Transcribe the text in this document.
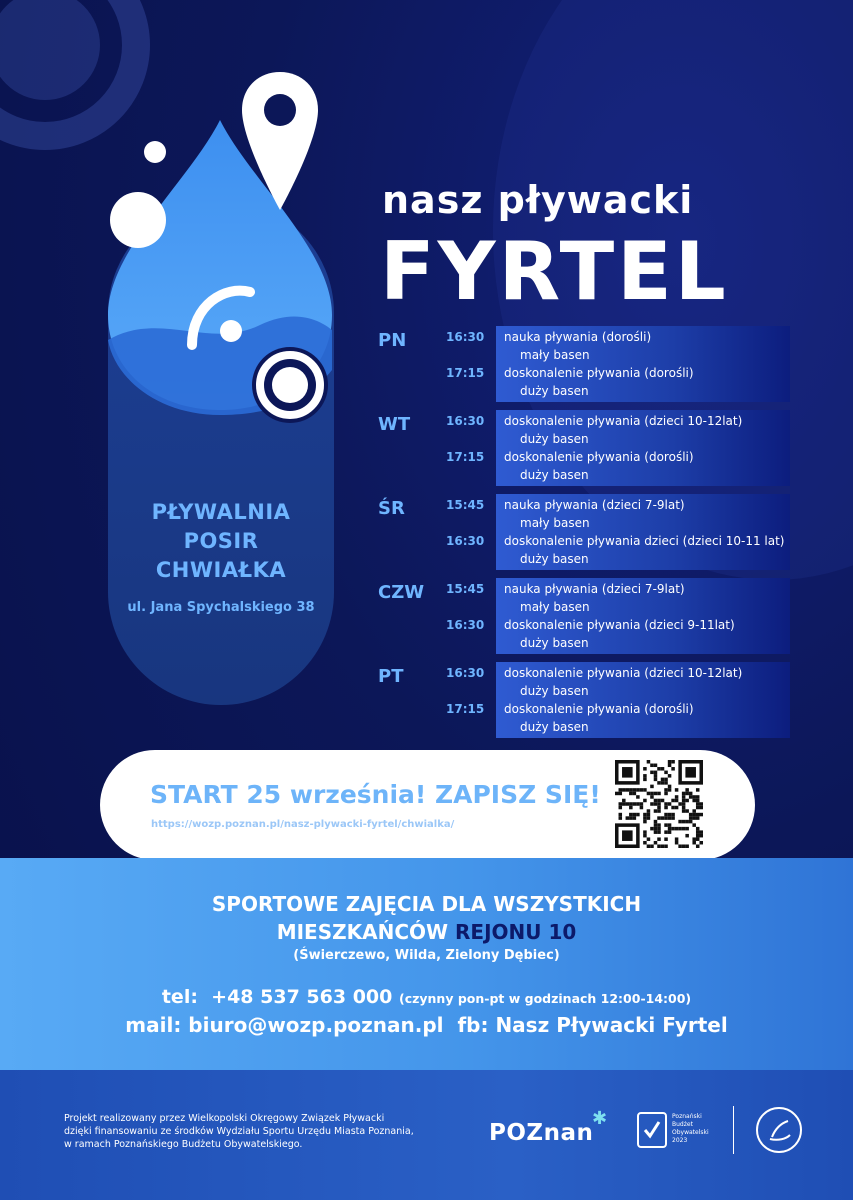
PŁYWALNIA
POSIR
CHWIAŁKA
ul. Jana Spychalskiego 38
nasz pływacki
FYRTEL
PN	16:30 nauka pływania (dorośli)
mały basen
17:15 doskonalenie pływania (dorośli)
duży basen
WT	16:30 doskonalenie pływania (dzieci 10-12lat)
duży basen
17:15 doskonalenie pływania (dorośli)
duży basen
ŚR	15:45 nauka pływania (dzieci 7-9lat)
mały basen
16:30 doskonalenie pływania dzieci (dzieci 10-11 lat)
duży basen
CZW 15:45 nauka pływania (dzieci 7-9lat)
mały basen
16:30 doskonalenie pływania (dzieci 9-11lat)
duży basen
PT	16:30 doskonalenie pływania (dzieci 10-12lat)
duży basen
17:15 doskonalenie pływania (dorośli)
duży basen
START 25 września! ZAPISZ SIĘ!
https://wozp.poznan.pl/nasz-plywacki-fyrtel/chwialka/
SPORTOWE ZAJĘCIA DLA WSZYSTKICH
MIESZKAŃCÓW REJONU 10
(Świerczewo, Wilda, Zielony Dębiec)
tel: +48 537 563 000 (czynny pon-pt w godzinach 12:00-14:00)
mail: biuro@wozp.poznan.pl fb: Nasz Pływacki Fyrtel
Projekt realizowany przez Wielkopolski Okręgowy Związek Pływacki
dzięki finansowaniu ze środków Wydziału Sportu Urzędu Miasta Poznania,
w ramach Poznańskiego Budżetu Obywatelskiego.	POZnan
✱	Poznański
Budżet
Obywatelski
2023
